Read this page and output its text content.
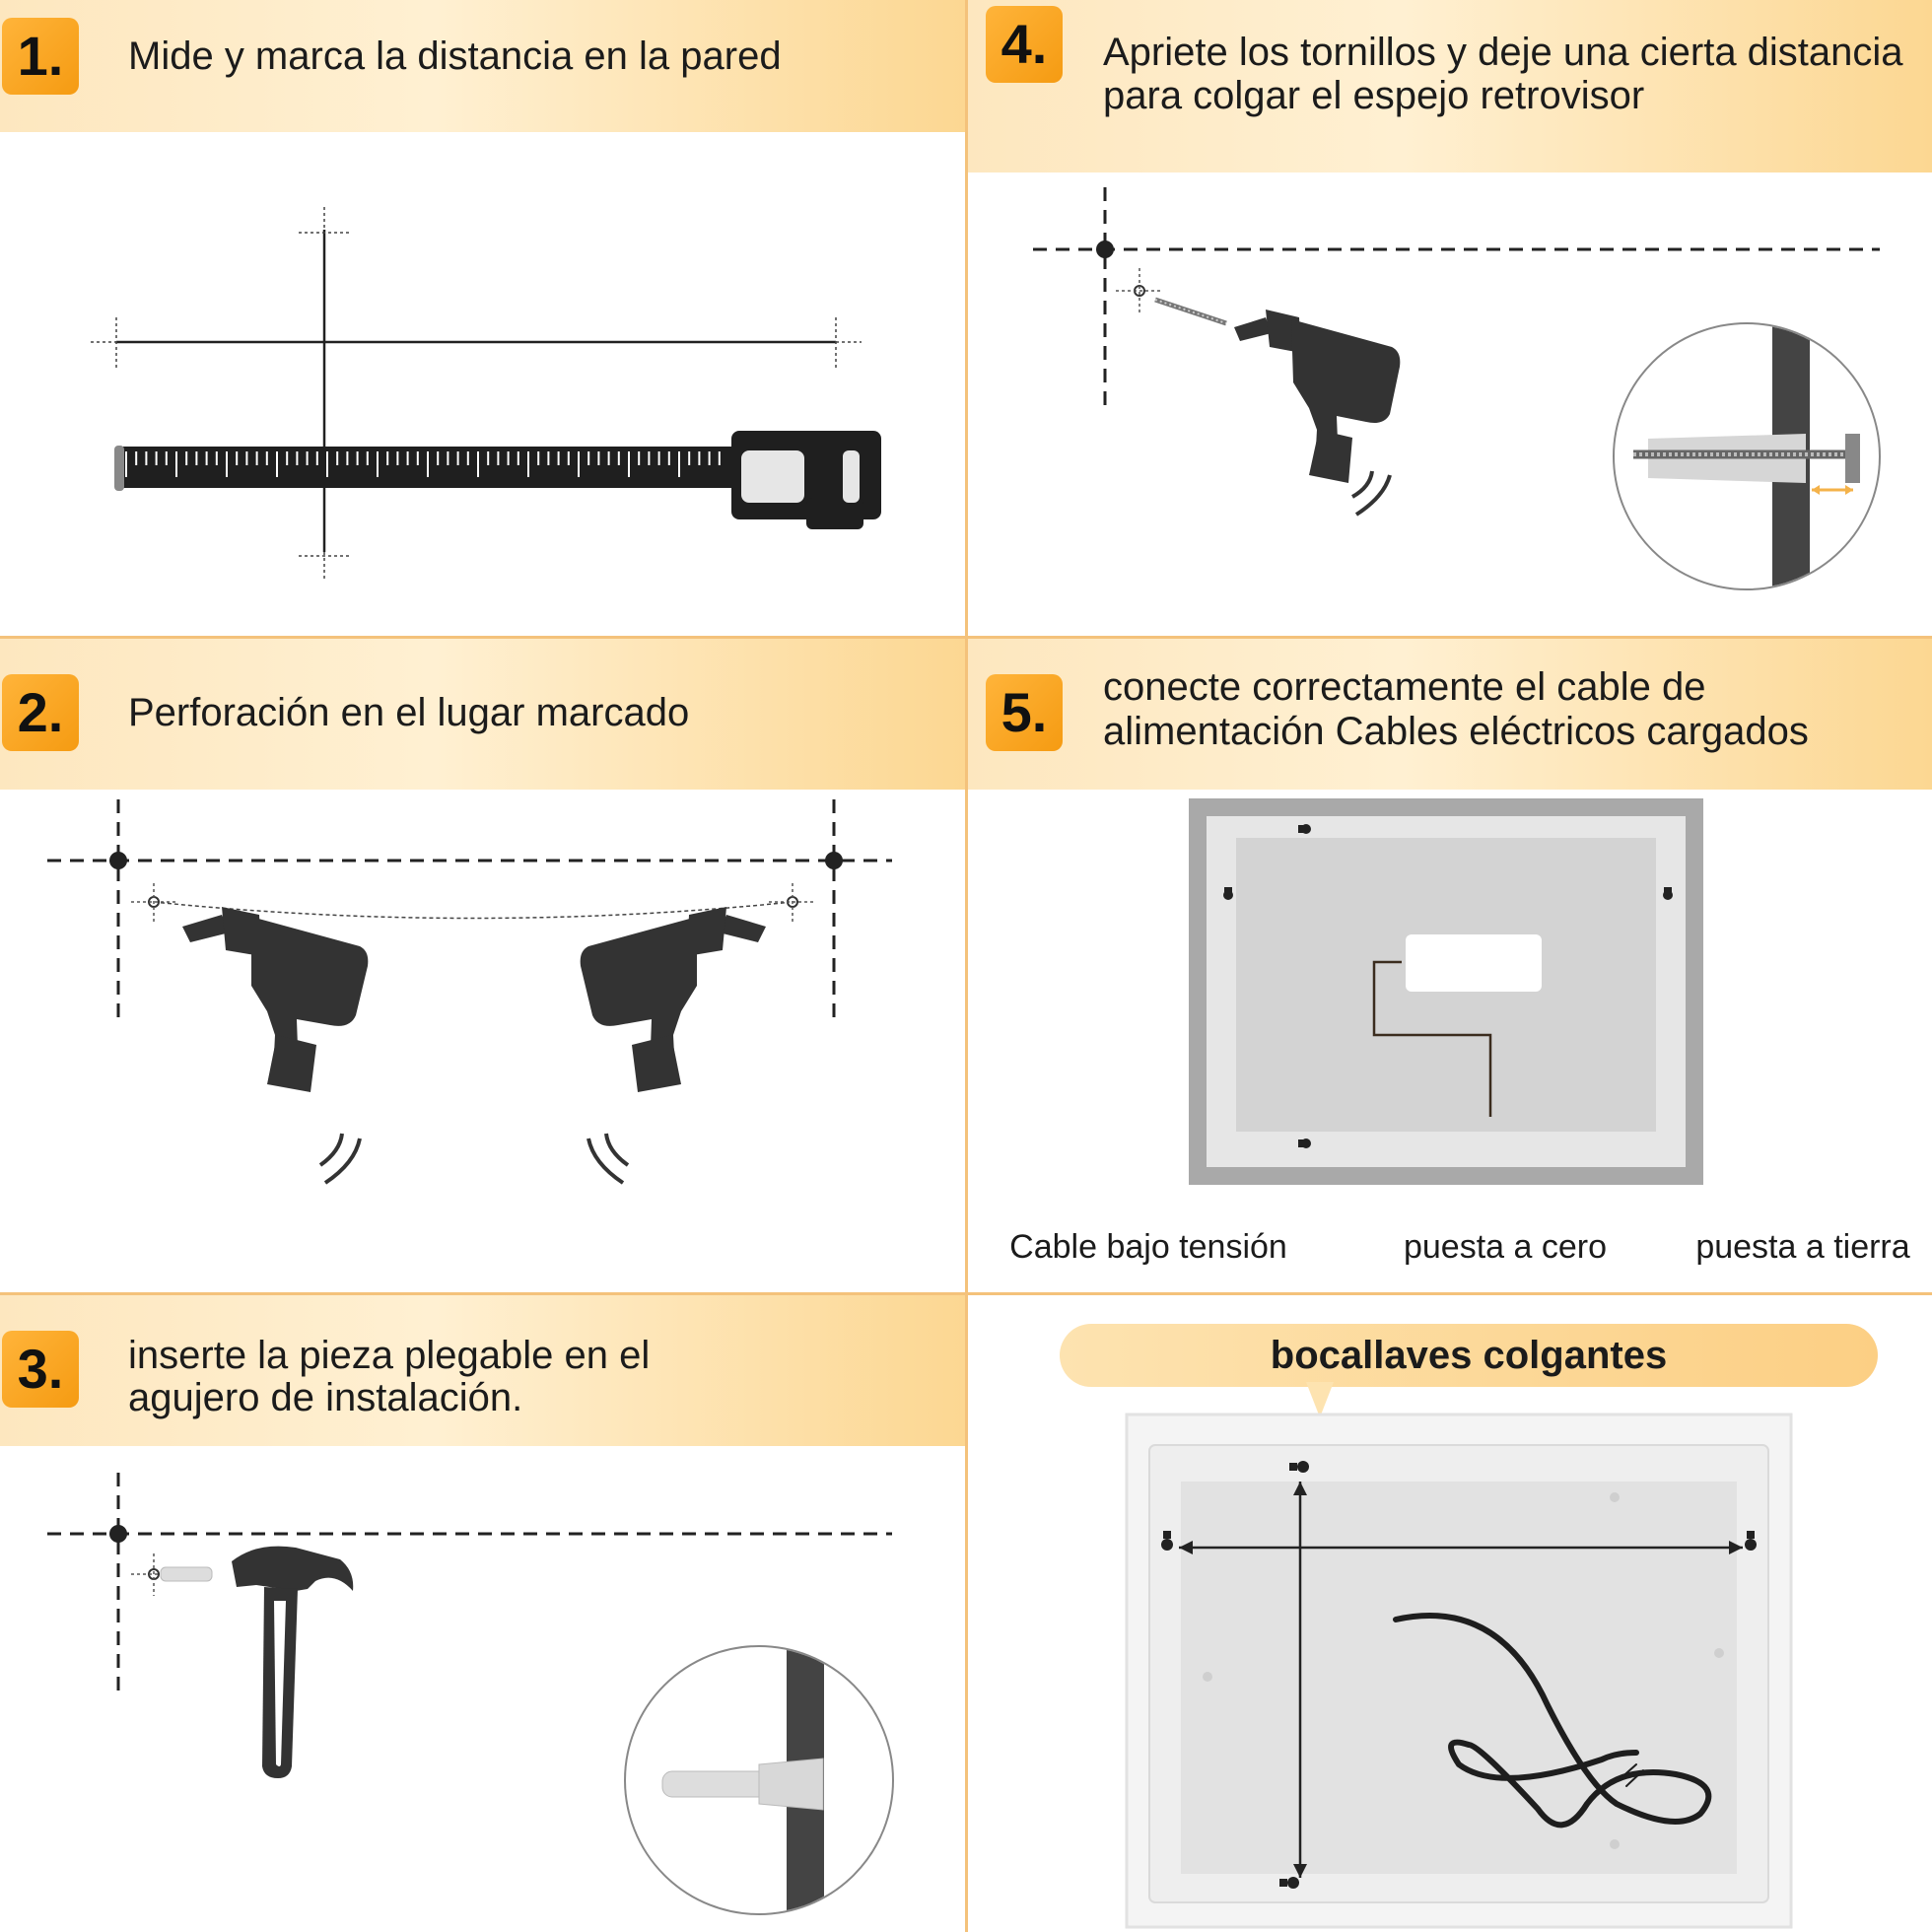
1.	Mide y marca la distancia en la pared
2.	Perforación en el lugar marcado
3.	inserte la pieza plegable en el
agujero de instalación.
4.	Apriete los tornillos y deje una cierta distancia
para colgar el espejo retrovisor
5.	conecte correctamente el cable de
alimentación Cables eléctricos cargados
Cable bajo tensión	puesta a cero	puesta a tierra
bocallaves colgantes
